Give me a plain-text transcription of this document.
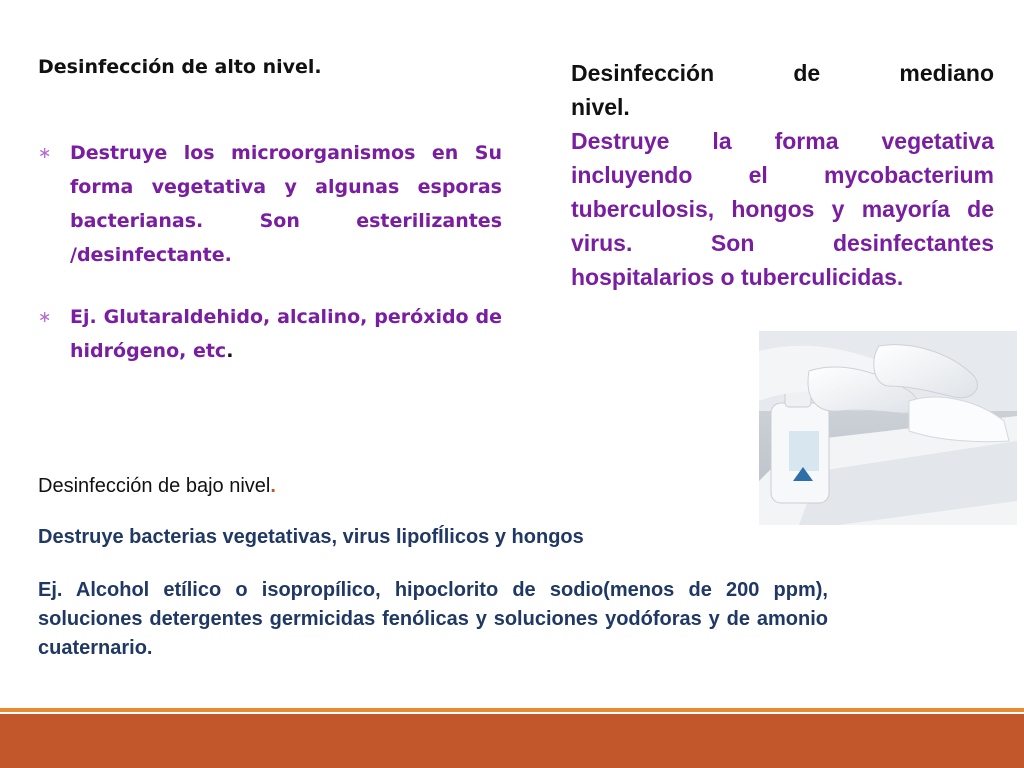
Desinfección de alto nivel.
∗ Destruye los microorganismos en Su forma vegetativa y algunas esporas bacterianas. Son esterilizantes /desinfectante.
∗ Ej. Glutaraldehido, alcalino, peróxido de hidrógeno, etc.
Desinfección de mediano
nivel.
Destruye la forma vegetativa incluyendo el mycobacterium tuberculosis, hongos y mayoría de virus. Son desinfectantes hospitalarios o tuberculicidas.
Desinfección de bajo nivel.
Destruye bacterias vegetativas, virus lipofÍlicos y hongos
Ej. Alcohol etílico o isopropílico, hipoclorito de sodio(menos de 200 ppm), soluciones detergentes germicidas fenólicas y soluciones yodóforas y de amonio cuaternario.
